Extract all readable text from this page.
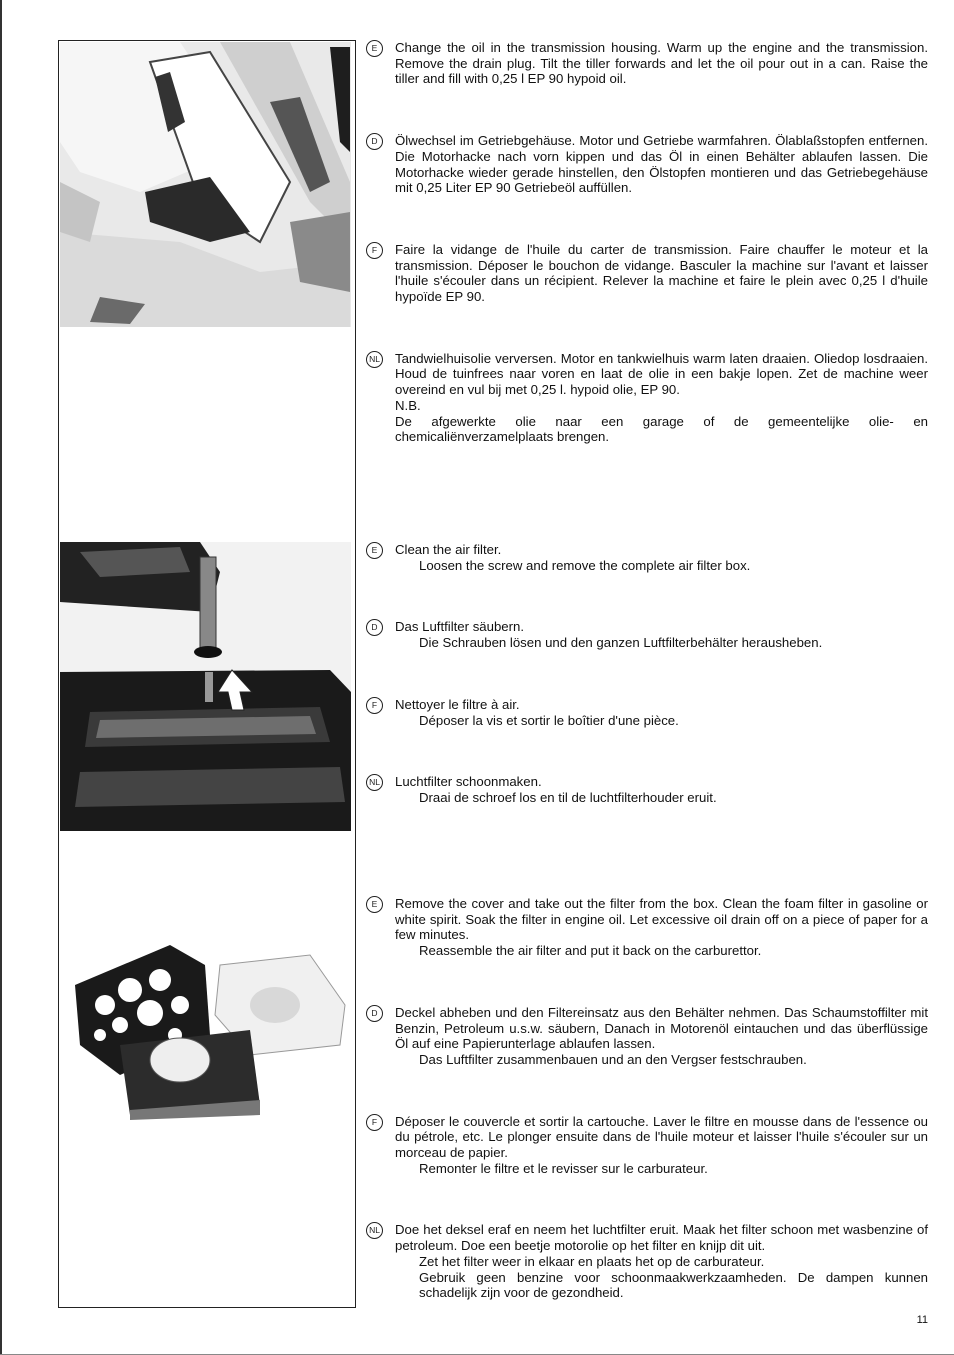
E	Change the oil in the transmission housing. Warm up the engine and the transmission. Remove the drain plug. Tilt the tiller forwards and let the oil pour out in a can. Raise the tiller and fill with 0,25 l EP 90 hypoid oil.
D	Ölwechsel im Getriebgehäuse. Motor und Getriebe warmfahren. Ölablaßstopfen entfernen. Die Motorhacke nach vorn kippen und das Öl in einen Behälter ablaufen lassen. Die Motorhacke wieder gerade hinstellen, den Ölstopfen montieren und das Getriebegehäuse mit 0,25 Liter EP 90 Getriebeöl auffüllen.
F	Faire la vidange de l'huile du carter de transmission. Faire chauffer le moteur et la transmission. Déposer le bouchon de vidange. Basculer la machine sur l'avant et laisser l'huile s'écouler dans un récipient. Relever la machine et faire le plein avec 0,25 l d'huile hypoïde EP 90.
NL Tandwielhuisolie verversen. Motor en tankwielhuis warm laten draaien. Oliedop losdraaien. Houd de tuinfrees naar voren en laat de olie in een bakje lopen. Zet de machine weer overeind en vul bij met 0,25 l. hypoid olie, EP 90.
N.B.
De afgewerkte olie naar een garage of de gemeentelijke olie- en chemicaliënverzamelplaats brengen.
E	Clean the air filter.
Loosen the screw and remove the complete air filter box.
D	Das Luftfilter säubern.
Die Schrauben lösen und den ganzen Luftfilterbehälter herausheben.
F	Nettoyer le filtre à air.
Déposer la vis et sortir le boîtier d'une pièce.
NL Luchtfilter schoonmaken.
Draai de schroef los en til de luchtfilterhouder eruit.
E	Remove the cover and take out the filter from the box. Clean the foam filter in gasoline or white spirit. Soak the filter in engine oil. Let excessive oil drain off on a piece of paper for a few minutes.
Reassemble the air filter and put it back on the carburettor.
D	Deckel abheben und den Filtereinsatz aus den Behälter nehmen. Das Schaumstoffilter mit Benzin, Petroleum u.s.w. säubern, Danach in Motorenöl eintauchen und das überflüssige Öl auf eine Papierunterlage ablaufen lassen.
Das Luftfilter zusammenbauen und an den Vergser festschrauben.
F	Déposer le couvercle et sortir la cartouche. Laver le filtre en mousse dans de l'essence ou du pétrole, etc. Le plonger ensuite dans de l'huile moteur et laisser l'huile s'écouler sur un morceau de papier.
Remonter le filtre et le revisser sur le carburateur.
NL Doe het deksel eraf en neem het luchtfilter eruit. Maak het filter schoon met wasbenzine of petroleum. Doe een beetje motorolie op het filter en knijp dit uit.
Zet het filter weer in elkaar en plaats het op de carburateur.
Gebruik geen benzine voor schoonmaakwerkzaamheden. De dampen kunnen schadelijk zijn voor de gezondheid.
11
